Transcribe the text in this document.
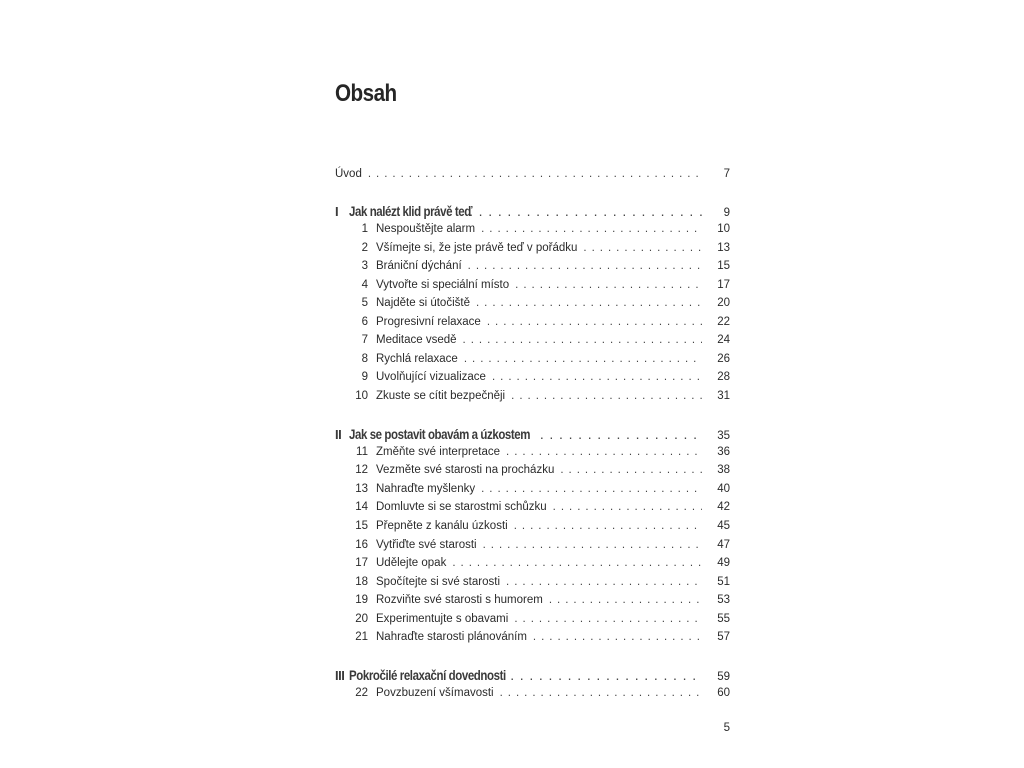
Obsah
Úvod . . .	7
I Jak nalézt klid právě teď . . .	9
1 Nespouštějte alarm . . .	10
2 Všímejte si, že jste právě teď v pořádku . . .	13
3 Brániční dýchání . . .	15
4 Vytvořte si speciální místo . . .	17
5 Najděte si útočiště . . .	20
6 Progresivní relaxace . . .	22
7 Meditace vsedě . . .	24
8 Rychlá relaxace . . .	26
9 Uvolňující vizualizace . . .	28
10 Zkuste se cítit bezpečněji . . .	31
II Jak se postavit obavám a úzkostem . . .	35
11 Změňte své interpretace . . .	36
12 Vezměte své starosti na procházku . . .	38
13 Nahraďte myšlenky . . .	40
14 Domluvte si se starostmi schůzku . . .	42
15 Přepněte z kanálu úzkosti . . .	45
16 Vytřiďte své starosti . . .	47
17 Udělejte opak . . .	49
18 Spočítejte si své starosti . . .	51
19 Rozviňte své starosti s humorem . . .	53
20 Experimentujte s obavami . . .	55
21 Nahraďte starosti plánováním . . .	57
III Pokročilé relaxační dovednosti . . .	59
22 Povzbuzení všímavosti . . .	60
5
